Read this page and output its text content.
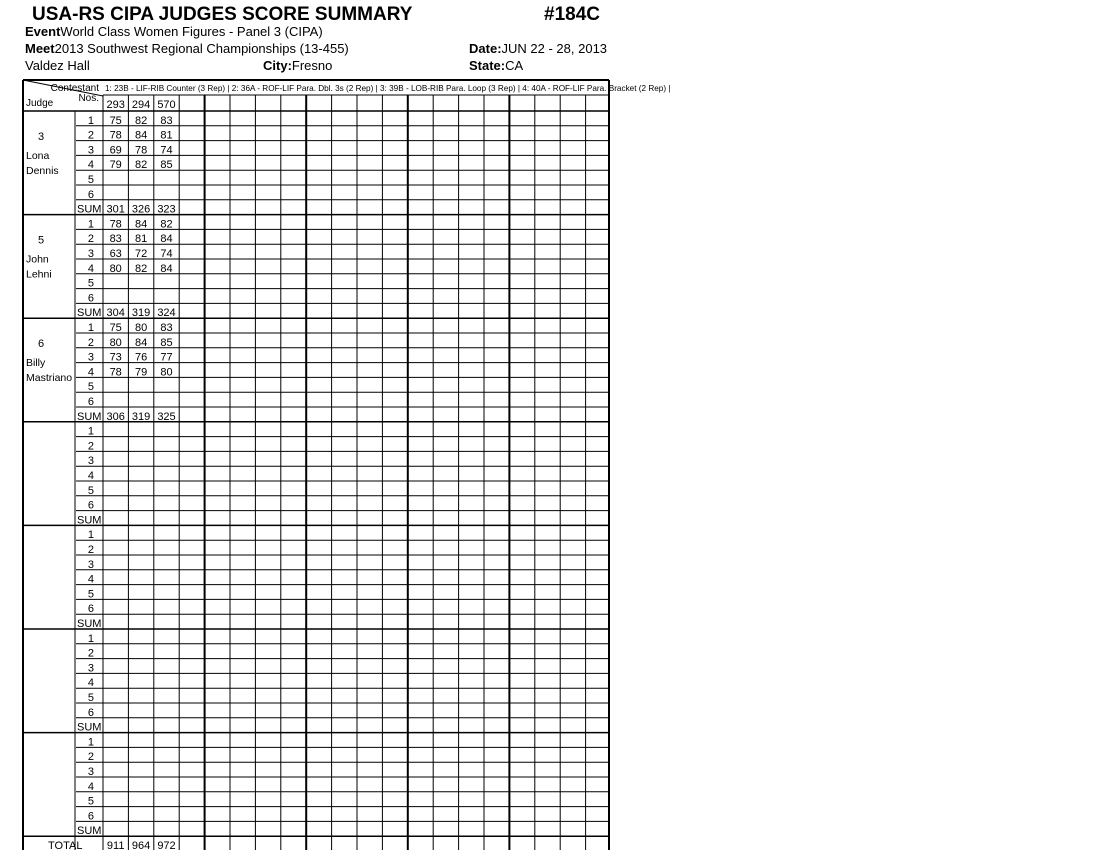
USA-RS CIPA JUDGES SCORE SUMMARY	#184C
EventWorld Class Women Figures - Panel 3 (CIPA)
Meet2013 Southwest Regional Championships (13-455)	Date:JUN 22 - 28, 2013
Valdez Hall	City:Fresno	State:CA
Contestant
Nos.
Judge
1: 23B - LIF-RIB Counter (3 Rep) | 2: 36A - ROF-LIF Para. Dbl. 3s (2 Rep) | 3: 39B - LOB-RIB Para. Loop (3 Rep) | 4: 40A - ROF-LIF Para. Bracket (2 Rep) |
293 294 570
3
Lona
Dennis
1 75 82 83
2 78 84 81
3 69 78 74
4 79 82 85
5
6
SUM 301 326 323
5
John
Lehni
1 78 84 82
2 83 81 84
3 63 72 74
4 80 82 84
5
6
SUM 304 319 324
6
Billy
Mastriano
1 75 80 83
2 80 84 85
3 73 76 77
4 78 79 80
5
6
SUM 306 319 325
1
2
3
4
5
6
SUM
1
2
3
4
5
6
SUM
1
2
3
4
5
6
SUM
1
2
3
4
5
6
SUM
TOTAL 911 964 972
